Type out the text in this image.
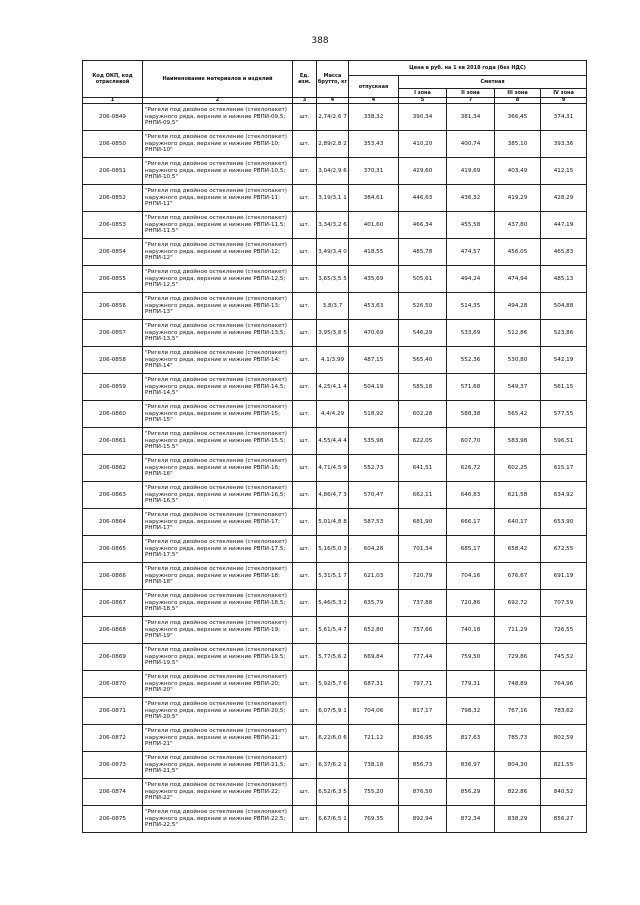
388
Код ОКП, код отраслевой	Наименование материалов и изделий	Ед. изм.	Масса брутто, кг	Цена в руб. на 1 кв 2018 года (без НДС)				
				отпускная	Сметная			
					I зона	II зона	III зона	IV зона
1	2	3	4	4	5	7	8	9
206-0849	"Ригели под двойное остекление (стеклопакет) наружного ряда, верхние и нижние РВПИ-09,5; РНПИ-09,5"	шт.	2,74/2,6 7	338,32	390,34	381,34	366,45	374,31
206-0850	"Ригели под двойное остекление (стеклопакет) наружного ряда, верхние и нижние РВПИ-10; РНПИ-10"	шт.	2,89/2,8 2	353,43	410,20	400,74	385,10	393,36
206-0851	"Ригели под двойное остекление (стеклопакет) наружного ряда, верхние и нижние РВПИ-10,5; РНПИ-10,5"	шт.	3,04/2,9 6	370,31	429,60	419,69	403,49	412,15
206-0852	"Ригели под двойное остекление (стеклопакет) наружного ряда, верхние и нижние РВПИ-11; РНПИ-11"	шт.	3,19/3,1 1	384,61	446,63	436,32	419,29	428,29
206-0853	"Ригели под двойное остекление (стеклопакет) наружного ряда, верхние и нижние РВПИ-11,5; РНПИ-11,5"	шт.	3,34/3,2 6	401,60	466,34	455,58	437,80	447,19
206-0854	"Ригели под двойное остекление (стеклопакет) наружного ряда, верхние и нижние РВПИ-12; РНПИ-12"	шт.	3,49/3,4 0	418,55	485,78	474,57	456,05	465,83
206-0855	"Ригели под двойное остекление (стеклопакет) наружного ряда, верхние и нижние РВПИ-12,5; РНПИ-12,5"	шт.	3,65/3,5 5	435,69	505,61	494,24	474,94	485,13
206-0856	"Ригели под двойное остекление (стеклопакет) наружного ряда, верхние и нижние РВПИ-13; РНПИ-13"	шт.	3,8/3,7	453,63	526,50	514,35	494,28	504,88
206-0857	"Ригели под двойное остекление (стеклопакет) наружного ряда, верхние и нижние РВПИ-13,5; РНПИ-13,5"	шт.	3,95/3,8 5	470,69	546,29	533,69	512,86	523,86
206-0858	"Ригели под двойное остекление (стеклопакет) наружного ряда, верхние и нижние РВПИ-14; РНПИ-14"	шт.	4,1/3,99	487,15	565,40	552,36	530,80	542,19
206-0859	"Ригели под двойное остекление (стеклопакет) наружного ряда, верхние и нижние РВПИ-14,5; РНПИ-14,5"	шт.	4,25/4,1 4	504,19	585,18	571,68	549,37	561,15
206-0860	"Ригели под двойное остекление (стеклопакет) наружного ряда, верхние и нижние РВПИ-15; РНПИ-15"	шт.	4,4/4,29	518,92	602,28	588,38	565,42	577,55
206-0861	"Ригели под двойное остекление (стеклопакет) наружного ряда, верхние и нижние РВПИ-15,5; РНПИ-15,5"	шт.	4,55/4,4 4	535,98	622,05	607,70	583,98	596,51
206-0862	"Ригели под двойное остекление (стеклопакет) наружного ряда, верхние и нижние РВПИ-16; РНПИ-16"	шт.	4,71/4,5 9	552,73	641,51	626,72	602,25	615,17
206-0863	"Ригели под двойное остекление (стеклопакет) наружного ряда, верхние и нижние РВПИ-16,5; РНПИ-16,5"	шт.	4,86/4,7 3	570,47	662,11	646,83	621,58	634,92
206-0864	"Ригели под двойное остекление (стеклопакет) наружного ряда, верхние и нижние РВПИ-17; РНПИ-17"	шт.	5,01/4,8 8	587,53	681,90	666,17	640,17	653,90
206-0865	"Ригели под двойное остекление (стеклопакет) наружного ряда, верхние и нижние РВПИ-17,5; РНПИ-17,5"	шт.	5,16/5,0 3	604,28	701,34	685,17	658,42	672,55
206-0866	"Ригели под двойное остекление (стеклопакет) наружного ряда, верхние и нижние РВПИ-18; РНПИ-18"	шт.	5,31/5,1 7	621,03	720,79	704,16	676,67	691,19
206-0867	"Ригели под двойное остекление (стеклопакет) наружного ряда, верхние и нижние РВПИ-18,5; РНПИ-18,5"	шт.	5,46/5,3 2	635,79	737,88	720,86	692,72	707,59
206-0868	"Ригели под двойное остекление (стеклопакет) наружного ряда, верхние и нижние РВПИ-19; РНПИ-19"	шт.	5,61/5,4 7	652,80	757,66	740,18	711,29	726,55
206-0869	"Ригели под двойное остекление (стеклопакет) наружного ряда, верхние и нижние РВПИ-19,5; РНПИ-19,5"	шт.	5,77/5,6 2	669,84	777,44	759,50	729,86	745,52
206-0870	"Ригели под двойное остекление (стеклопакет) наружного ряда, верхние и нижние РВПИ-20; РНПИ-20"	шт.	5,92/5,7 6	687,31	797,71	779,31	748,89	764,96
206-0871	"Ригели под двойное остекление (стеклопакет) наружного ряда, верхние и нижние РВПИ-20,5; РНПИ-20,5"	шт.	6,07/5,9 1	704,06	817,17	798,32	767,16	783,62
206-0872	"Ригели под двойное остекление (стеклопакет) наружного ряда, верхние и нижние РВПИ-21; РНПИ-21"	шт.	6,22/6,0 6	721,12	836,95	817,63	785,73	802,59
206-0873	"Ригели под двойное остекление (стеклопакет) наружного ряда, верхние и нижние РВПИ-21,5; РНПИ-21,5"	шт.	6,37/6,2 1	738,18	856,73	836,97	804,30	821,55
206-0874	"Ригели под двойное остекление (стеклопакет) наружного ряда, верхние и нижние РВПИ-22; РНПИ-22"	шт.	6,52/6,3 5	755,20	876,50	856,29	822,86	840,52
206-0875	"Ригели под двойное остекление (стеклопакет) наружного ряда, верхние и нижние РВПИ-22,5; РНПИ-22,5"	шт.	6,67/6,5 1	769,35	892,94	872,34	838,29	856,27
